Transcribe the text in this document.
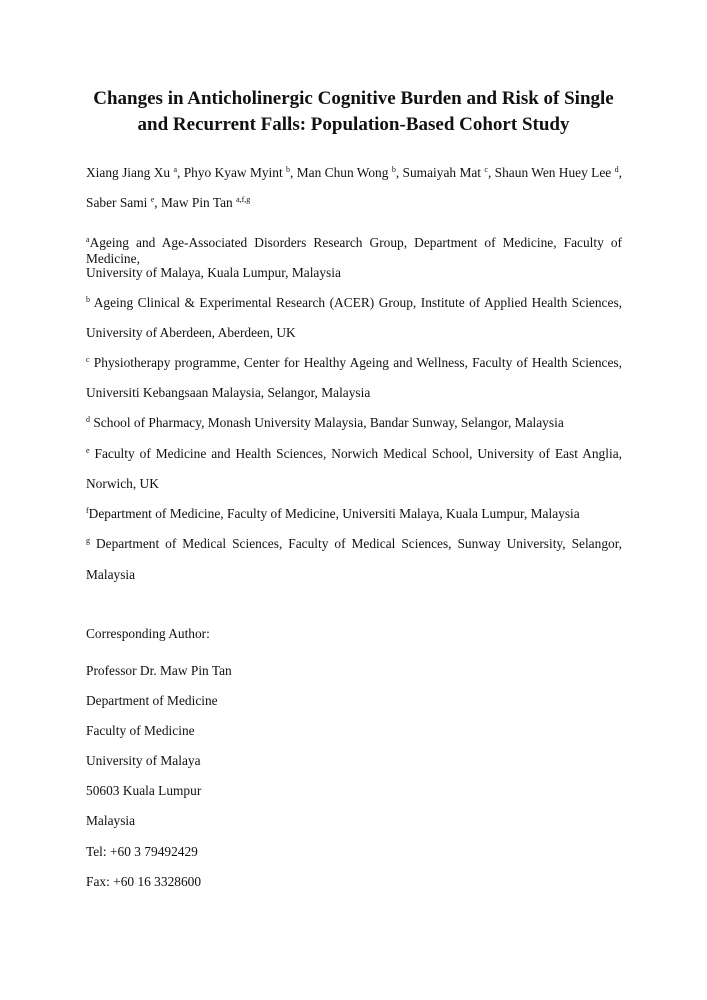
Changes in Anticholinergic Cognitive Burden and Risk of Single
and Recurrent Falls: Population-Based Cohort Study

Xiang Jiang Xu $^a$, Phyo Kyaw Myint $^b$, Man Chun Wong $^b$, Sumaiyah Mat $^c$, Shaun Wen Huey Lee $^d$,

Saber Sami $^e$, Maw Pin Tan $^{a,f,g}$

$^a$Ageing and Age-Associated Disorders Research Group, Department of Medicine, Faculty of Medicine,

University of Malaya, Kuala Lumpur, Malaysia

$^b$ Ageing Clinical & Experimental Research (ACER) Group, Institute of Applied Health Sciences,

University of Aberdeen, Aberdeen, UK

$^c$ Physiotherapy programme, Center for Healthy Ageing and Wellness, Faculty of Health Sciences,

Universiti Kebangsaan Malaysia, Selangor, Malaysia

$^d$ School of Pharmacy, Monash University Malaysia, Bandar Sunway, Selangor, Malaysia

$^e$ Faculty of Medicine and Health Sciences, Norwich Medical School, University of East Anglia,

Norwich, UK

$^f$Department of Medicine, Faculty of Medicine, Universiti Malaya, Kuala Lumpur, Malaysia

$^g$ Department of Medical Sciences, Faculty of Medical Sciences, Sunway University, Selangor,

Malaysia

Corresponding Author:

Professor Dr. Maw Pin Tan

Department of Medicine

Faculty of Medicine

University of Malaya

50603 Kuala Lumpur

Malaysia

Tel: +60 3 79492429

Fax: +60 16 3328600
